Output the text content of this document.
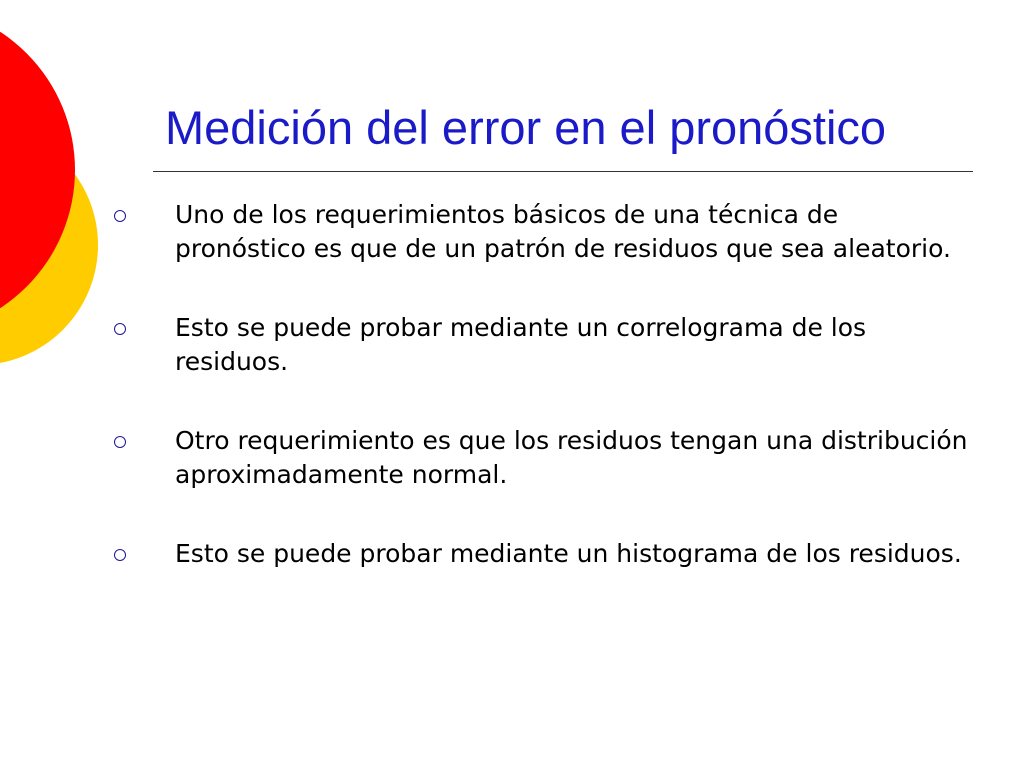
Medición del error en el pronóstico
Uno de los requerimientos básicos de una técnica de pronóstico es que de un patrón de residuos que sea aleatorio.
Esto se puede probar mediante un correlograma de los residuos.
Otro requerimiento es que los residuos tengan una distribución aproximadamente normal.
Esto se puede probar mediante un histograma de los residuos.
